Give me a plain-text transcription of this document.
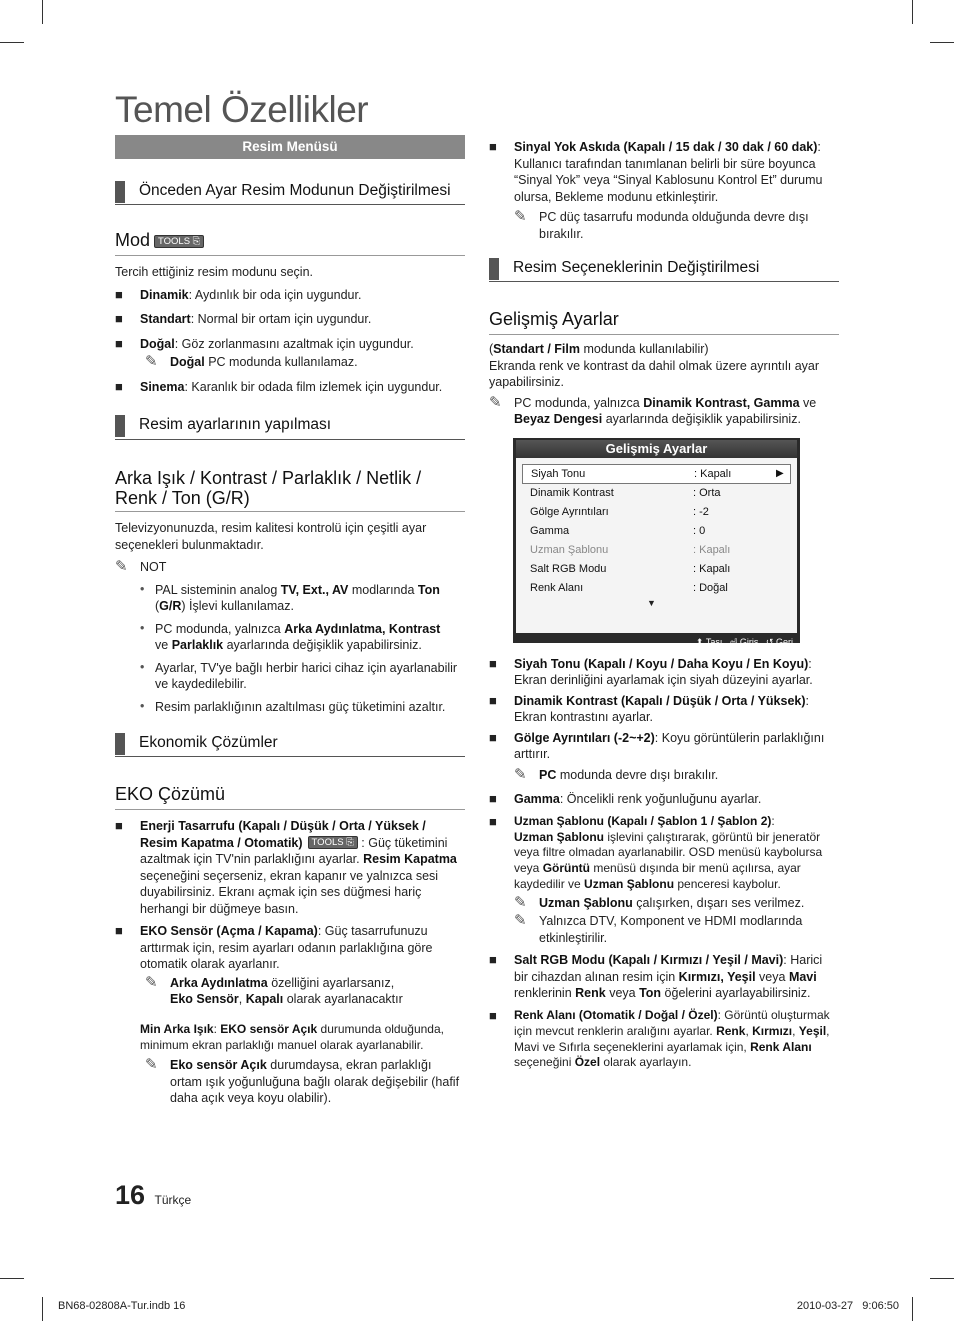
Temel Özellikler
Resim Menüsü
Önceden Ayar Resim Modunun Değiştirilmesi
Mod TOOLS ⎘

Tercih ettiğiniz resim modunu seçin.

■ Dinamik: Aydınlık bir oda için uygundur.
■ Standart: Normal bir ortam için uygundur.
■ Doğal: Göz zorlanmasını azaltmak için uygundur.
✎ Doğal PC modunda kullanılamaz.
■ Sinema: Karanlık bir odada film izlemek için uygundur.
Resim ayarlarının yapılması
Arka Işık / Kontrast / Parlaklık / Netlik / Renk / Ton (G/R)

Televizyonunuzda, resim kalitesi kontrolü için çeşitli ayar seçenekleri bulunmaktadır.

✎ NOT
• PAL sisteminin analog TV, Ext., AV modlarında Ton
(G/R) İşlevi kullanılamaz.
• PC modunda, yalnızca Arka Aydınlatma, Kontrast
ve Parlaklık ayarlarında değişiklik yapabilirsiniz.
• Ayarlar, TV'ye bağlı herbir harici cihaz için ayarlanabilir ve kaydedilebilir.
• Resim parlaklığının azaltılması güç tüketimini azaltır.
Ekonomik Çözümler
EKO Çözümü
■ Enerji Tasarrufu (Kapalı / Düşük / Orta / Yüksek / Resim Kapatma / Otomatik) TOOLS ⎘ : Güç tüketimini azaltmak için TV'nin parlaklığını ayarlar. Resim Kapatma seçeneğini seçerseniz, ekran kapanır ve yalnızca sesi duyabilirsiniz. Ekranı açmak için ses düğmesi hariç herhangi bir düğmeye basın.
■ EKO Sensör (Açma / Kapama): Güç tasarrufunuzu arttırmak için, resim ayarları odanın parlaklığına göre otomatik olarak ayarlanır.
✎ Arka Aydınlatma özelliğini ayarlarsanız,
Eko Sensör, Kapalı olarak ayarlanacaktır
Min Arka Işık: EKO sensör Açık durumunda olduğunda, minimum ekran parlaklığı manuel olarak ayarlanabilir.
✎ Eko sensör Açık durumdaysa, ekran parlaklığı ortam ışık yoğunluğuna bağlı olarak değişebilir (hafif daha açık veya koyu olabilir).
■ Sinyal Yok Askıda (Kapalı / 15 dak / 30 dak / 60 dak): Kullanıcı tarafından tanımlanan belirli bir süre boyunca “Sinyal Yok” veya “Sinyal Kablosunu Kontrol Et” durumu olursa, Bekleme modunu etkinleştirir.
✎ PC düç tasarrufu modunda olduğunda devre dışı bırakılır.
Resim Seçeneklerinin Değiştirilmesi
Gelişmiş Ayarlar

(Standart / Film modunda kullanılabilir)

Ekranda renk ve kontrast da dahil olmak üzere ayrıntılı ayar yapabilirsiniz.

✎ PC modunda, yalnızca Dinamik Kontrast, Gamma ve
Beyaz Dengesi ayarlarında değişiklik yapabilirsiniz.
Gelişmiş Ayarlar
Siyah Tonu	: Kapalı	▶
Dinamik Kontrast	: Orta
Gölge Ayrıntıları	: -2
Gamma	: 0
Uzman Şablonu	: Kapalı
Salt RGB Modu	: Kapalı
Renk Alanı	: Doğal
▼
⬍ Taşı ⏎ Giriş ↺ Geri
■ Siyah Tonu (Kapalı / Koyu / Daha Koyu / En Koyu): Ekran derinliğini ayarlamak için siyah düzeyini ayarlar.
■ Dinamik Kontrast (Kapalı / Düşük / Orta / Yüksek): Ekran kontrastını ayarlar.
■ Gölge Ayrıntıları (-2~+2): Koyu görüntülerin parlaklığını arttırır.
✎ PC modunda devre dışı bırakılır.
■ Gamma: Öncelikli renk yoğunluğunu ayarlar.
■ Uzman Şablonu (Kapalı / Şablon 1 / Şablon 2):
Uzman Şablonu işlevini çalıştırarak, görüntü bir jeneratör veya filtre olmadan ayarlanabilir. OSD menüsü kaybolursa veya Görüntü menüsü dışında bir menü açılırsa, ayar kaydedilir ve Uzman Şablonu penceresi kaybolur.
✎ Uzman Şablonu çalışırken, dışarı ses verilmez.
✎ Yalnızca DTV, Komponent ve HDMI modlarında etkinleştirilir.
■ Salt RGB Modu (Kapalı / Kırmızı / Yeşil / Mavi): Harici bir cihazdan alınan resim için Kırmızı, Yeşil veya Mavi renklerinin Renk veya Ton öğelerini ayarlayabilirsiniz.
■ Renk Alanı (Otomatik / Doğal / Özel): Görüntü oluşturmak için mevcut renklerin aralığını ayarlar. Renk, Kırmızı, Yeşil, Mavi ve Sıfırla seçeneklerini ayarlamak için, Renk Alanı seçeneğini Özel olarak ayarlayın.
16 Türkçe
BN68-02808A-Tur.indb 16	2010-03-27   9:06:50
